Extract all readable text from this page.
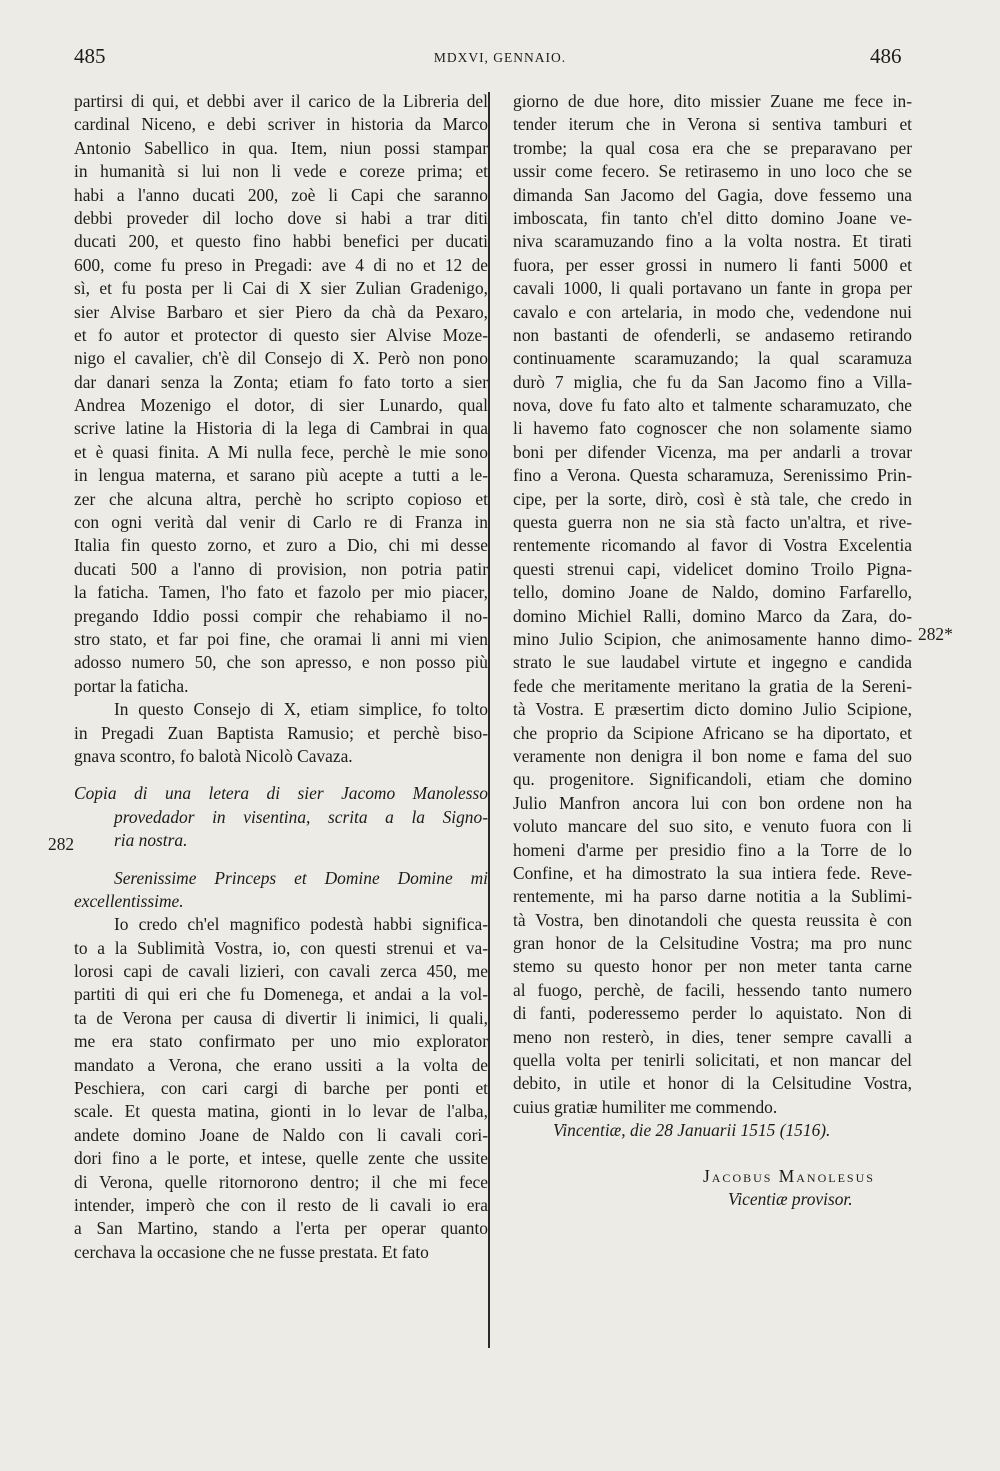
485	MDXVI, GENNAIO.	486
282
282*
partirsi di qui, et debbi aver il carico de la Libreria del
cardinal Niceno, e debi scriver in historia da Marco
Antonio Sabellico in qua. Item, niun possi stampar
in humanità si lui non li vede e coreze prima; et
habi a l'anno ducati 200, zoè li Capi che saranno
debbi proveder dil locho dove si habi a trar diti
ducati 200, et questo fino habbi benefici per ducati
600, come fu preso in Pregadi: ave 4 di no et 12 de
sì, et fu posta per li Cai di X sier Zulian Gradenigo,
sier Alvise Barbaro et sier Piero da chà da Pexaro,
et fo autor et protector di questo sier Alvise Moze-
nigo el cavalier, ch'è dil Consejo di X. Però non pono
dar danari senza la Zonta; etiam fo fato torto a sier
Andrea Mozenigo el dotor, di sier Lunardo, qual
scrive latine la Historia di la lega di Cambrai in qua
et è quasi finita. A Mi nulla fece, perchè le mie sono
in lengua materna, et sarano più acepte a tutti a le-
zer che alcuna altra, perchè ho scripto copioso et
con ogni verità dal venir di Carlo re di Franza in
Italia fin questo zorno, et zuro a Dio, chi mi desse
ducati 500 a l'anno di provision, non potria patir
la faticha. Tamen, l'ho fato et fazolo per mio piacer,
pregando Iddio possi compir che rehabiamo il no-
stro stato, et far poi fine, che oramai li anni mi vien
adosso numero 50, che son apresso, e non posso più
portar la faticha.
In questo Consejo di X, etiam simplice, fo tolto
in Pregadi Zuan Baptista Ramusio; et perchè biso-
gnava scontro, fo balotà Nicolò Cavaza.
Copia di una letera di sier Jacomo Manolesso
provedador in visentina, scrita a la Signo-
ria nostra.
Serenissime Princeps et Domine Domine mi
excellentissime.
Io credo ch'el magnifico podestà habbi significa-
to a la Sublimità Vostra, io, con questi strenui et va-
lorosi capi de cavali lizieri, con cavali zerca 450, me
partiti di qui eri che fu Domenega, et andai a la vol-
ta de Verona per causa di divertir li inimici, li quali,
me era stato confirmato per uno mio explorator
mandato a Verona, che erano ussiti a la volta de
Peschiera, con cari cargi di barche per ponti et
scale. Et questa matina, gionti in lo levar de l'alba,
andete domino Joane de Naldo con li cavali cori-
dori fino a le porte, et intese, quelle zente che ussite
di Verona, quelle ritornorono dentro; il che mi fece
intender, imperò che con il resto de li cavali io era
a San Martino, stando a l'erta per operar quanto
cerchava la occasione che ne fusse prestata. Et fato
giorno de due hore, dito missier Zuane me fece in-
tender iterum che in Verona si sentiva tamburi et
trombe; la qual cosa era che se preparavano per
ussir come fecero. Se retirasemo in uno loco che se
dimanda San Jacomo del Gagia, dove fessemo una
imboscata, fin tanto ch'el ditto domino Joane ve-
niva scaramuzando fino a la volta nostra. Et tirati
fuora, per esser grossi in numero li fanti 5000 et
cavali 1000, li quali portavano un fante in gropa per
cavalo e con artelaria, in modo che, vedendone nui
non bastanti de ofenderli, se andasemo retirando
continuamente scaramuzando; la qual scaramuza
durò 7 miglia, che fu da San Jacomo fino a Villa-
nova, dove fu fato alto et talmente scharamuzato, che
li havemo fato cognoscer che non solamente siamo
boni per difender Vicenza, ma per andarli a trovar
fino a Verona. Questa scharamuza, Serenissimo Prin-
cipe, per la sorte, dirò, così è stà tale, che credo in
questa guerra non ne sia stà facto un'altra, et rive-
rentemente ricomando al favor di Vostra Excelentia
questi strenui capi, videlicet domino Troilo Pigna-
tello, domino Joane de Naldo, domino Farfarello,
domino Michiel Ralli, domino Marco da Zara, do-
mino Julio Scipion, che animosamente hanno dimo-
strato le sue laudabel virtute et ingegno e candida
fede che meritamente meritano la gratia de la Sereni-
tà Vostra. E præsertim dicto domino Julio Scipione,
che proprio da Scipione Africano se ha diportato, et
veramente non denigra il bon nome e fama del suo
qu. progenitore. Significandoli, etiam che domino
Julio Manfron ancora lui con bon ordene non ha
voluto mancare del suo sito, e venuto fuora con li
homeni d'arme per presidio fino a la Torre de lo
Confine, et ha dimostrato la sua intiera fede. Reve-
rentemente, mi ha parso darne notitia a la Sublimi-
tà Vostra, ben dinotandoli che questa reussita è con
gran honor de la Celsitudine Vostra; ma pro nunc
stemo su questo honor per non meter tanta carne
al fuogo, perchè, de facili, hessendo tanto numero
di fanti, poderessemo perder lo aquistato. Non di
meno non resterò, in dies, tener sempre cavalli a
quella volta per tenirli solicitati, et non mancar del
debito, in utile et honor di la Celsitudine Vostra,
cuius gratiæ humiliter me commendo.
Vincentiæ, die 28 Januarii 1515 (1516).
Jacobus Manolesus
Vicentiæ provisor.
